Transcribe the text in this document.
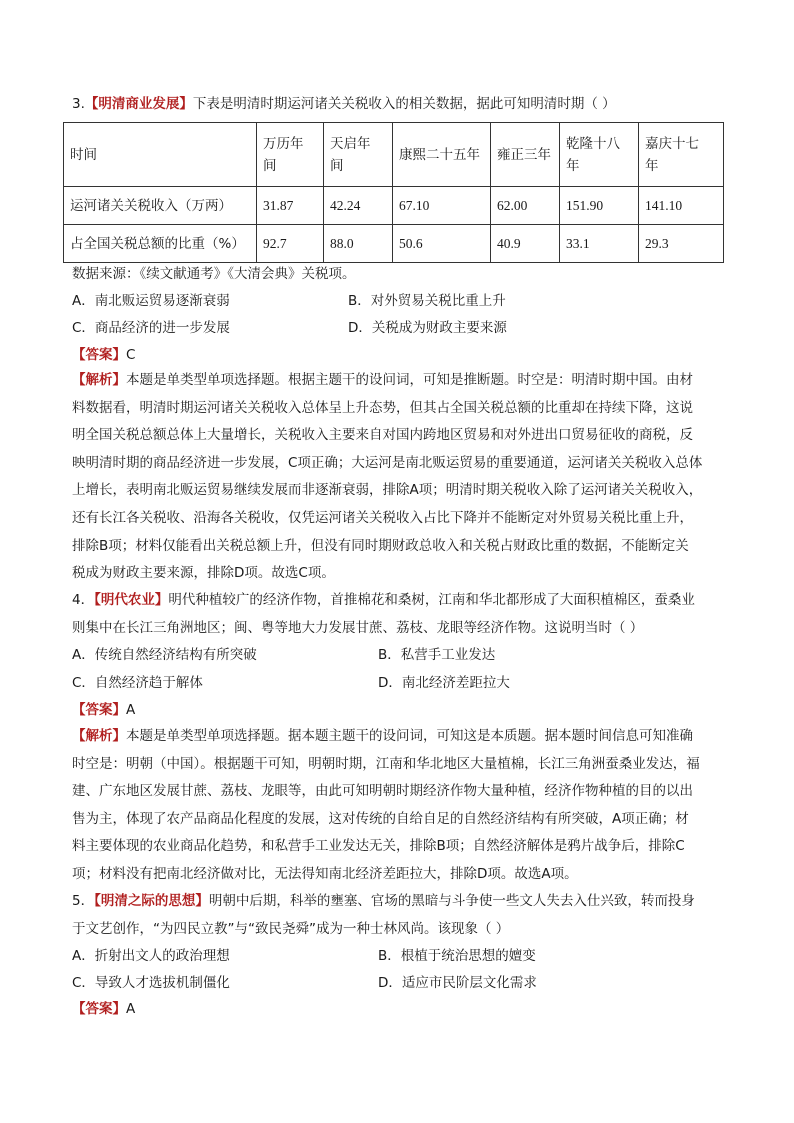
3.【明清商业发展】下表是明清时期运河诸关关税收入的相关数据，据此可知明清时期（ ）
时间	万历年间	天启年间	康熙二十五年	雍正三年	乾隆十八年	嘉庆十七年

运河诸关关税收入（万两）	31.87	42.24	67.10	62.00	151.90	141.10
占全国关税总额的比重（%）	92.7	88.0	50.6	40.9	33.1	29.3
数据来源：《续文献通考》《大清会典》关税项。
A．南北贩运贸易逐渐衰弱	B．对外贸易关税比重上升
C．商品经济的进一步发展	D．关税成为财政主要来源
【答案】C
【解析】本题是单类型单项选择题。根据主题干的设问词，可知是推断题。时空是：明清时期中国。由材
料数据看，明清时期运河诸关关税收入总体呈上升态势，但其占全国关税总额的比重却在持续下降，这说
明全国关税总额总体上大量增长，关税收入主要来自对国内跨地区贸易和对外进出口贸易征收的商税，反
映明清时期的商品经济进一步发展，C项正确；大运河是南北贩运贸易的重要通道，运河诸关关税收入总体
上增长，表明南北贩运贸易继续发展而非逐渐衰弱，排除A项；明清时期关税收入除了运河诸关关税收入，
还有长江各关税收、沿海各关税收，仅凭运河诸关关税收入占比下降并不能断定对外贸易关税比重上升，
排除B项；材料仅能看出关税总额上升，但没有同时期财政总收入和关税占财政比重的数据，不能断定关
税成为财政主要来源，排除D项。故选C项。
4．【明代农业】明代种植较广的经济作物，首推棉花和桑树，江南和华北都形成了大面积植棉区，蚕桑业
则集中在长江三角洲地区；闽、粤等地大力发展甘蔗、荔枝、龙眼等经济作物。这说明当时（ ）
A．传统自然经济结构有所突破	B．私营手工业发达
C．自然经济趋于解体	D．南北经济差距拉大
【答案】A
【解析】本题是单类型单项选择题。据本题主题干的设问词，可知这是本质题。据本题时间信息可知准确
时空是：明朝（中国）。根据题干可知，明朝时期，江南和华北地区大量植棉，长江三角洲蚕桑业发达，福
建、广东地区发展甘蔗、荔枝、龙眼等，由此可知明朝时期经济作物大量种植，经济作物种植的目的以出
售为主，体现了农产品商品化程度的发展，这对传统的自给自足的自然经济结构有所突破，A项正确；材
料主要体现的农业商品化趋势，和私营手工业发达无关，排除B项；自然经济解体是鸦片战争后，排除C
项；材料没有把南北经济做对比，无法得知南北经济差距拉大，排除D项。故选A项。
5．【明清之际的思想】明朝中后期，科举的壅塞、官场的黑暗与斗争使一些文人失去入仕兴致，转而投身
于文艺创作，“为四民立教”与“致民尧舜”成为一种士林风尚。该现象（ ）
A．折射出文人的政治理想	B．根植于统治思想的嬗变
C．导致人才选拔机制僵化	D．适应市民阶层文化需求
【答案】A
